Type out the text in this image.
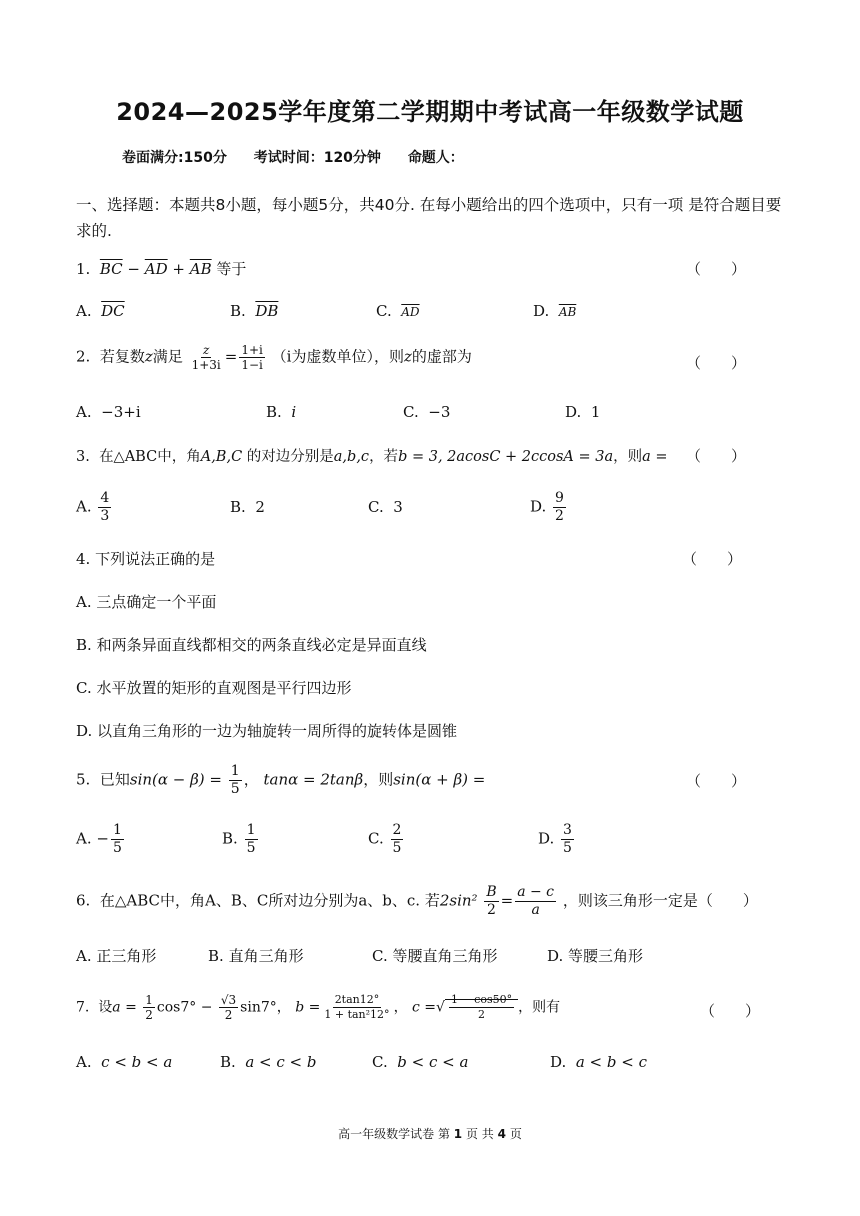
2024—2025学年度第二学期期中考试高一年级数学试题
卷面满分:150分 考试时间：120分钟 命题人：
一、选择题：本题共8小题，每小题5分，共40分. 在每小题给出的四个选项中，只有一项 是符合题目要求的.
1. $\overline{BC} - \overline{AD} + \overline{AB}$ 等于	（　　）
A. $\overline{DC}$	B. $\overline{DB}$	C. $\overline{AD}$	D. $\overline{AB}$
2. 若复数z满足 $\frac{z}{1+3i} = \frac{1+i}{1-i} (i$为虚数单位），则z的虚部为	（　　）
A. −3+i	B. i	C. −3	D. 1
3. 在△ABC中，角A,B,C 的对边分别是a,b,c，若b = 3, 2acosC + 2ccosA = 3a，则a = （　　）
A. $\frac{4}{3}$	B. 2	C. 3	D. $\frac{9}{2}$
4. 下列说法正确的是	（　　）
A. 三点确定一个平面
B. 和两条异面直线都相交的两条直线必定是异面直线
C. 水平放置的矩形的直观图是平行四边形
D. 以直角三角形的一边为轴旋转一周所得的旋转体是圆锥
5. 已知$\sin(\alpha - \beta) = \frac{1}{5}$ ， tanα = 2tanβ，则sin(α + β) =	（　　）
A. − $\frac{1}{5}$	B. $\frac{1}{5}$	C. $\frac{2}{5}$	D. $\frac{3}{5}$
6. 在△ABC中，角A、B、C所对边分别为a、b、c. 若$2\sin^2 \frac{B}{2} = \frac{a - c}{a}$ ，则该三角形一定是（　　）
A. 正三角形	B. 直角三角形	C. 等腰直角三角形	D. 等腰三角形
7. 设$a = \frac{1}{2} \cos 7^\circ - \frac{√3}{2} \sin 7^\circ$， $b = \frac{2\tan 12^\circ}{\text{1 + tan²12°}}$ ， c =√ $\frac{1 - \cos 50^\circ}{2}$ ，则有	（　　）
A. c < b < a	B. a < c < b	C. b < c < a	D. a < b < c
高一年级数学试卷 第 1 页 共 4 页
